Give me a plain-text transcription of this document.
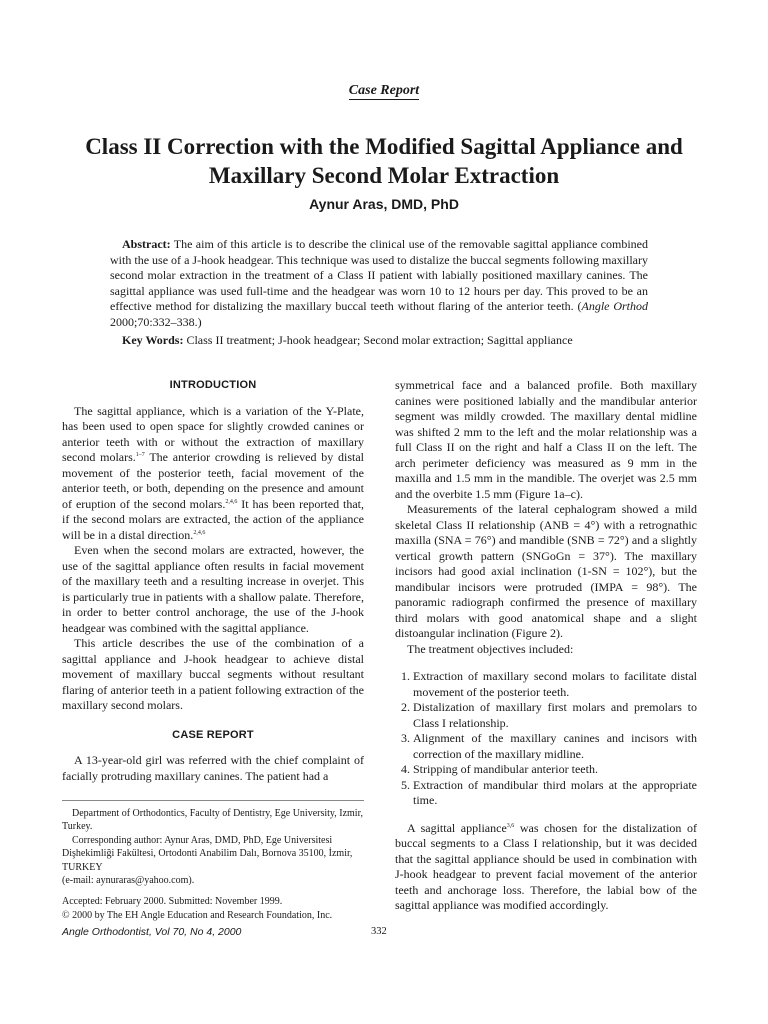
Case Report
Class II Correction with the Modified Sagittal Appliance and Maxillary Second Molar Extraction
Aynur Aras, DMD, PhD
Abstract: The aim of this article is to describe the clinical use of the removable sagittal appliance combined with the use of a J-hook headgear. This technique was used to distalize the buccal segments following maxillary second molar extraction in the treatment of a Class II patient with labially positioned maxillary canines. The sagittal appliance was used full-time and the headgear was worn 10 to 12 hours per day. This proved to be an effective method for distalizing the maxillary buccal teeth without flaring of the anterior teeth. (Angle Orthod 2000;70:332–338.)
Key Words: Class II treatment; J-hook headgear; Second molar extraction; Sagittal appliance
INTRODUCTION

The sagittal appliance, which is a variation of the Y-Plate, has been used to open space for slightly crowded canines or anterior teeth with or without the extraction of maxillary second molars.$^{1-7}$ The anterior crowding is relieved by distal movement of the posterior teeth, facial movement of the anterior teeth, or both, depending on the presence and amount of eruption of the second molars.$^{2,4,6}$ It has been reported that, if the second molars are extracted, the action of the appliance will be in a distal direction.$^{2,4,6}$

Even when the second molars are extracted, however, the use of the sagittal appliance often results in facial movement of the maxillary teeth and a resulting increase in overjet. This is particularly true in patients with a shallow palate. Therefore, in order to better control anchorage, the use of the J-hook headgear was combined with the sagittal appliance.

This article describes the use of the combination of a sagittal appliance and J-hook headgear to achieve distal movement of maxillary buccal segments without resultant flaring of anterior teeth in a patient following extraction of the maxillary second molars.

CASE REPORT

A 13-year-old girl was referred with the chief complaint of facially protruding maxillary canines. The patient had a

Department of Orthodontics, Faculty of Dentistry, Ege University, Izmir, Turkey.

Corresponding author: Aynur Aras, DMD, PhD, Ege Universitesi Dişhekimliği Fakültesi, Ortodonti Anabilim Dalı, Bornova 35100, İzmir, TURKEY

(e-mail: aynuraras@yahoo.com).

Accepted: February 2000. Submitted: November 1999.

© 2000 by The EH Angle Education and Research Foundation, Inc.

symmetrical face and a balanced profile. Both maxillary canines were positioned labially and the mandibular anterior segment was mildly crowded. The maxillary dental midline was shifted 2 mm to the left and the molar relationship was a full Class II on the right and half a Class II on the left. The arch perimeter deficiency was measured as 9 mm in the maxilla and 1.5 mm in the mandible. The overjet was 2.5 mm and the overbite 1.5 mm (Figure 1a–c).

Measurements of the lateral cephalogram showed a mild skeletal Class II relationship (ANB = 4°) with a retrognathic maxilla (SNA = 76°) and mandible (SNB = 72°) and a slightly vertical growth pattern (SNGoGn = 37°). The maxillary incisors had good axial inclination (1-SN = 102°), but the mandibular incisors were protruded (IMPA = 98°). The panoramic radiograph confirmed the presence of maxillary third molars with good anatomical shape and a slight distoangular inclination (Figure 2).

The treatment objectives included:

1. Extraction of maxillary second molars to facilitate distal movement of the posterior teeth.
2. Distalization of maxillary first molars and premolars to Class I relationship.
3. Alignment of the maxillary canines and incisors with correction of the maxillary midline.
4. Stripping of mandibular anterior teeth.
5. Extraction of mandibular third molars at the appropriate time.

A sagittal appliance$^{3,6}$ was chosen for the distalization of buccal segments to a Class I relationship, but it was decided that the sagittal appliance should be used in combination with J-hook headgear to prevent facial movement of the anterior teeth and anchorage loss. Therefore, the labial bow of the sagittal appliance was modified accordingly.

Angle Orthodontist, Vol 70, No 4, 2000	332
